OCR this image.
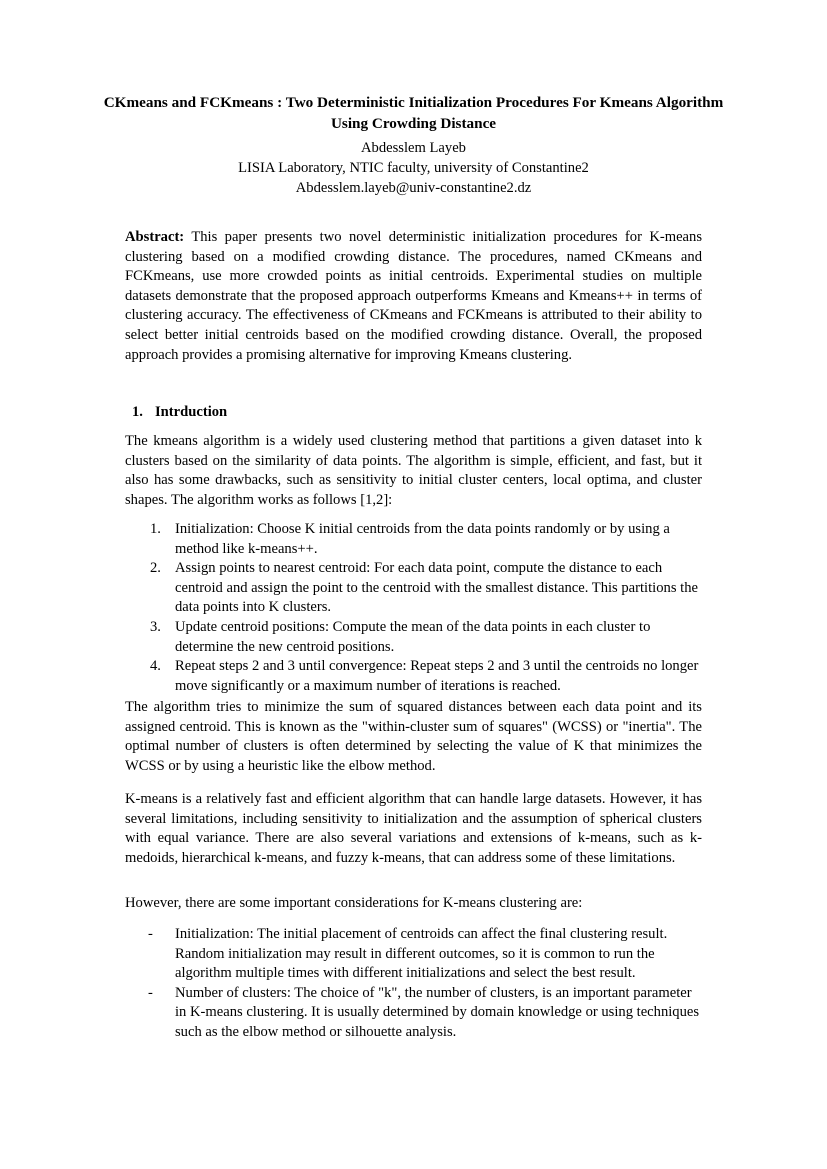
CKmeans and FCKmeans : Two Deterministic Initialization Procedures For Kmeans Algorithm Using Crowding Distance
Abdesslem Layeb
LISIA Laboratory, NTIC faculty, university of Constantine2
Abdesslem.layeb@univ-constantine2.dz
Abstract: This paper presents two novel deterministic initialization procedures for K-means clustering based on a modified crowding distance. The procedures, named CKmeans and FCKmeans, use more crowded points as initial centroids. Experimental studies on multiple datasets demonstrate that the proposed approach outperforms Kmeans and Kmeans++ in terms of clustering accuracy. The effectiveness of CKmeans and FCKmeans is attributed to their ability to select better initial centroids based on the modified crowding distance. Overall, the proposed approach provides a promising alternative for improving Kmeans clustering.
1. Intrduction
The kmeans algorithm is a widely used clustering method that partitions a given dataset into k clusters based on the similarity of data points. The algorithm is simple, efficient, and fast, but it also has some drawbacks, such as sensitivity to initial cluster centers, local optima, and cluster shapes. The algorithm works as follows [1,2]:
1. Initialization: Choose K initial centroids from the data points randomly or by using a method like k-means++.
2. Assign points to nearest centroid: For each data point, compute the distance to each centroid and assign the point to the centroid with the smallest distance. This partitions the data points into K clusters.
3. Update centroid positions: Compute the mean of the data points in each cluster to determine the new centroid positions.
4. Repeat steps 2 and 3 until convergence: Repeat steps 2 and 3 until the centroids no longer move significantly or a maximum number of iterations is reached.
The algorithm tries to minimize the sum of squared distances between each data point and its assigned centroid. This is known as the "within-cluster sum of squares" (WCSS) or "inertia". The optimal number of clusters is often determined by selecting the value of K that minimizes the WCSS or by using a heuristic like the elbow method.
K-means is a relatively fast and efficient algorithm that can handle large datasets. However, it has several limitations, including sensitivity to initialization and the assumption of spherical clusters with equal variance. There are also several variations and extensions of k-means, such as k-medoids, hierarchical k-means, and fuzzy k-means, that can address some of these limitations.
However, there are some important considerations for K-means clustering are:
- Initialization: The initial placement of centroids can affect the final clustering result. Random initialization may result in different outcomes, so it is common to run the algorithm multiple times with different initializations and select the best result.
- Number of clusters: The choice of "k", the number of clusters, is an important parameter in K-means clustering. It is usually determined by domain knowledge or using techniques such as the elbow method or silhouette analysis.
